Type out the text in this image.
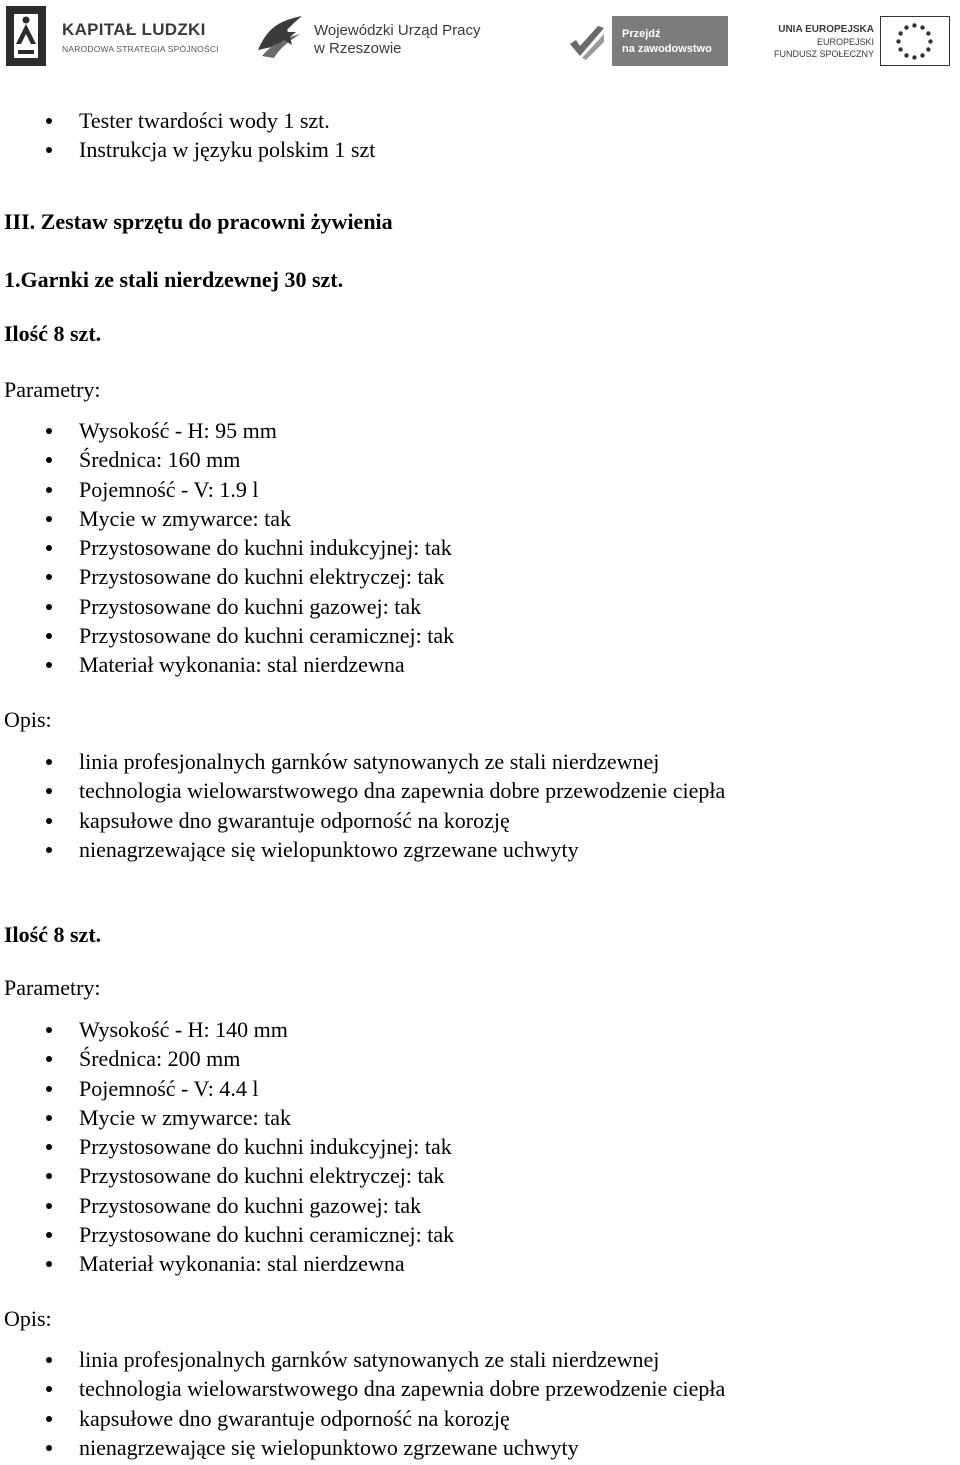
KAPITAŁ LUDZKI
NARODOWA STRATEGIA SPÓJNOŚCI
Wojewódzki Urząd Pracy
w Rzeszowie
Przejdź
na zawodowstwo
UNIA EUROPEJSKA
EUROPEJSKI
FUNDUSZ SPOŁECZNY
Tester twardości wody 1 szt.
Instrukcja w języku polskim 1 szt
III. Zestaw sprzętu do pracowni żywienia
1.Garnki ze stali nierdzewnej 30 szt.
Ilość 8 szt.
Parametry:
Wysokość - H: 95 mm
Średnica: 160 mm
Pojemność - V: 1.9 l
Mycie w zmywarce: tak
Przystosowane do kuchni indukcyjnej: tak
Przystosowane do kuchni elektryczej: tak
Przystosowane do kuchni gazowej: tak
Przystosowane do kuchni ceramicznej: tak
Materiał wykonania: stal nierdzewna
Opis:
linia profesjonalnych garnków satynowanych ze stali nierdzewnej
technologia wielowarstwowego dna zapewnia dobre przewodzenie ciepła
kapsułowe dno gwarantuje odporność na korozję
nienagrzewające się wielopunktowo zgrzewane uchwyty
Ilość 8 szt.
Parametry:
Wysokość - H: 140 mm
Średnica: 200 mm
Pojemność - V: 4.4 l
Mycie w zmywarce: tak
Przystosowane do kuchni indukcyjnej: tak
Przystosowane do kuchni elektryczej: tak
Przystosowane do kuchni gazowej: tak
Przystosowane do kuchni ceramicznej: tak
Materiał wykonania: stal nierdzewna
Opis:
linia profesjonalnych garnków satynowanych ze stali nierdzewnej
technologia wielowarstwowego dna zapewnia dobre przewodzenie ciepła
kapsułowe dno gwarantuje odporność na korozję
nienagrzewające się wielopunktowo zgrzewane uchwyty
